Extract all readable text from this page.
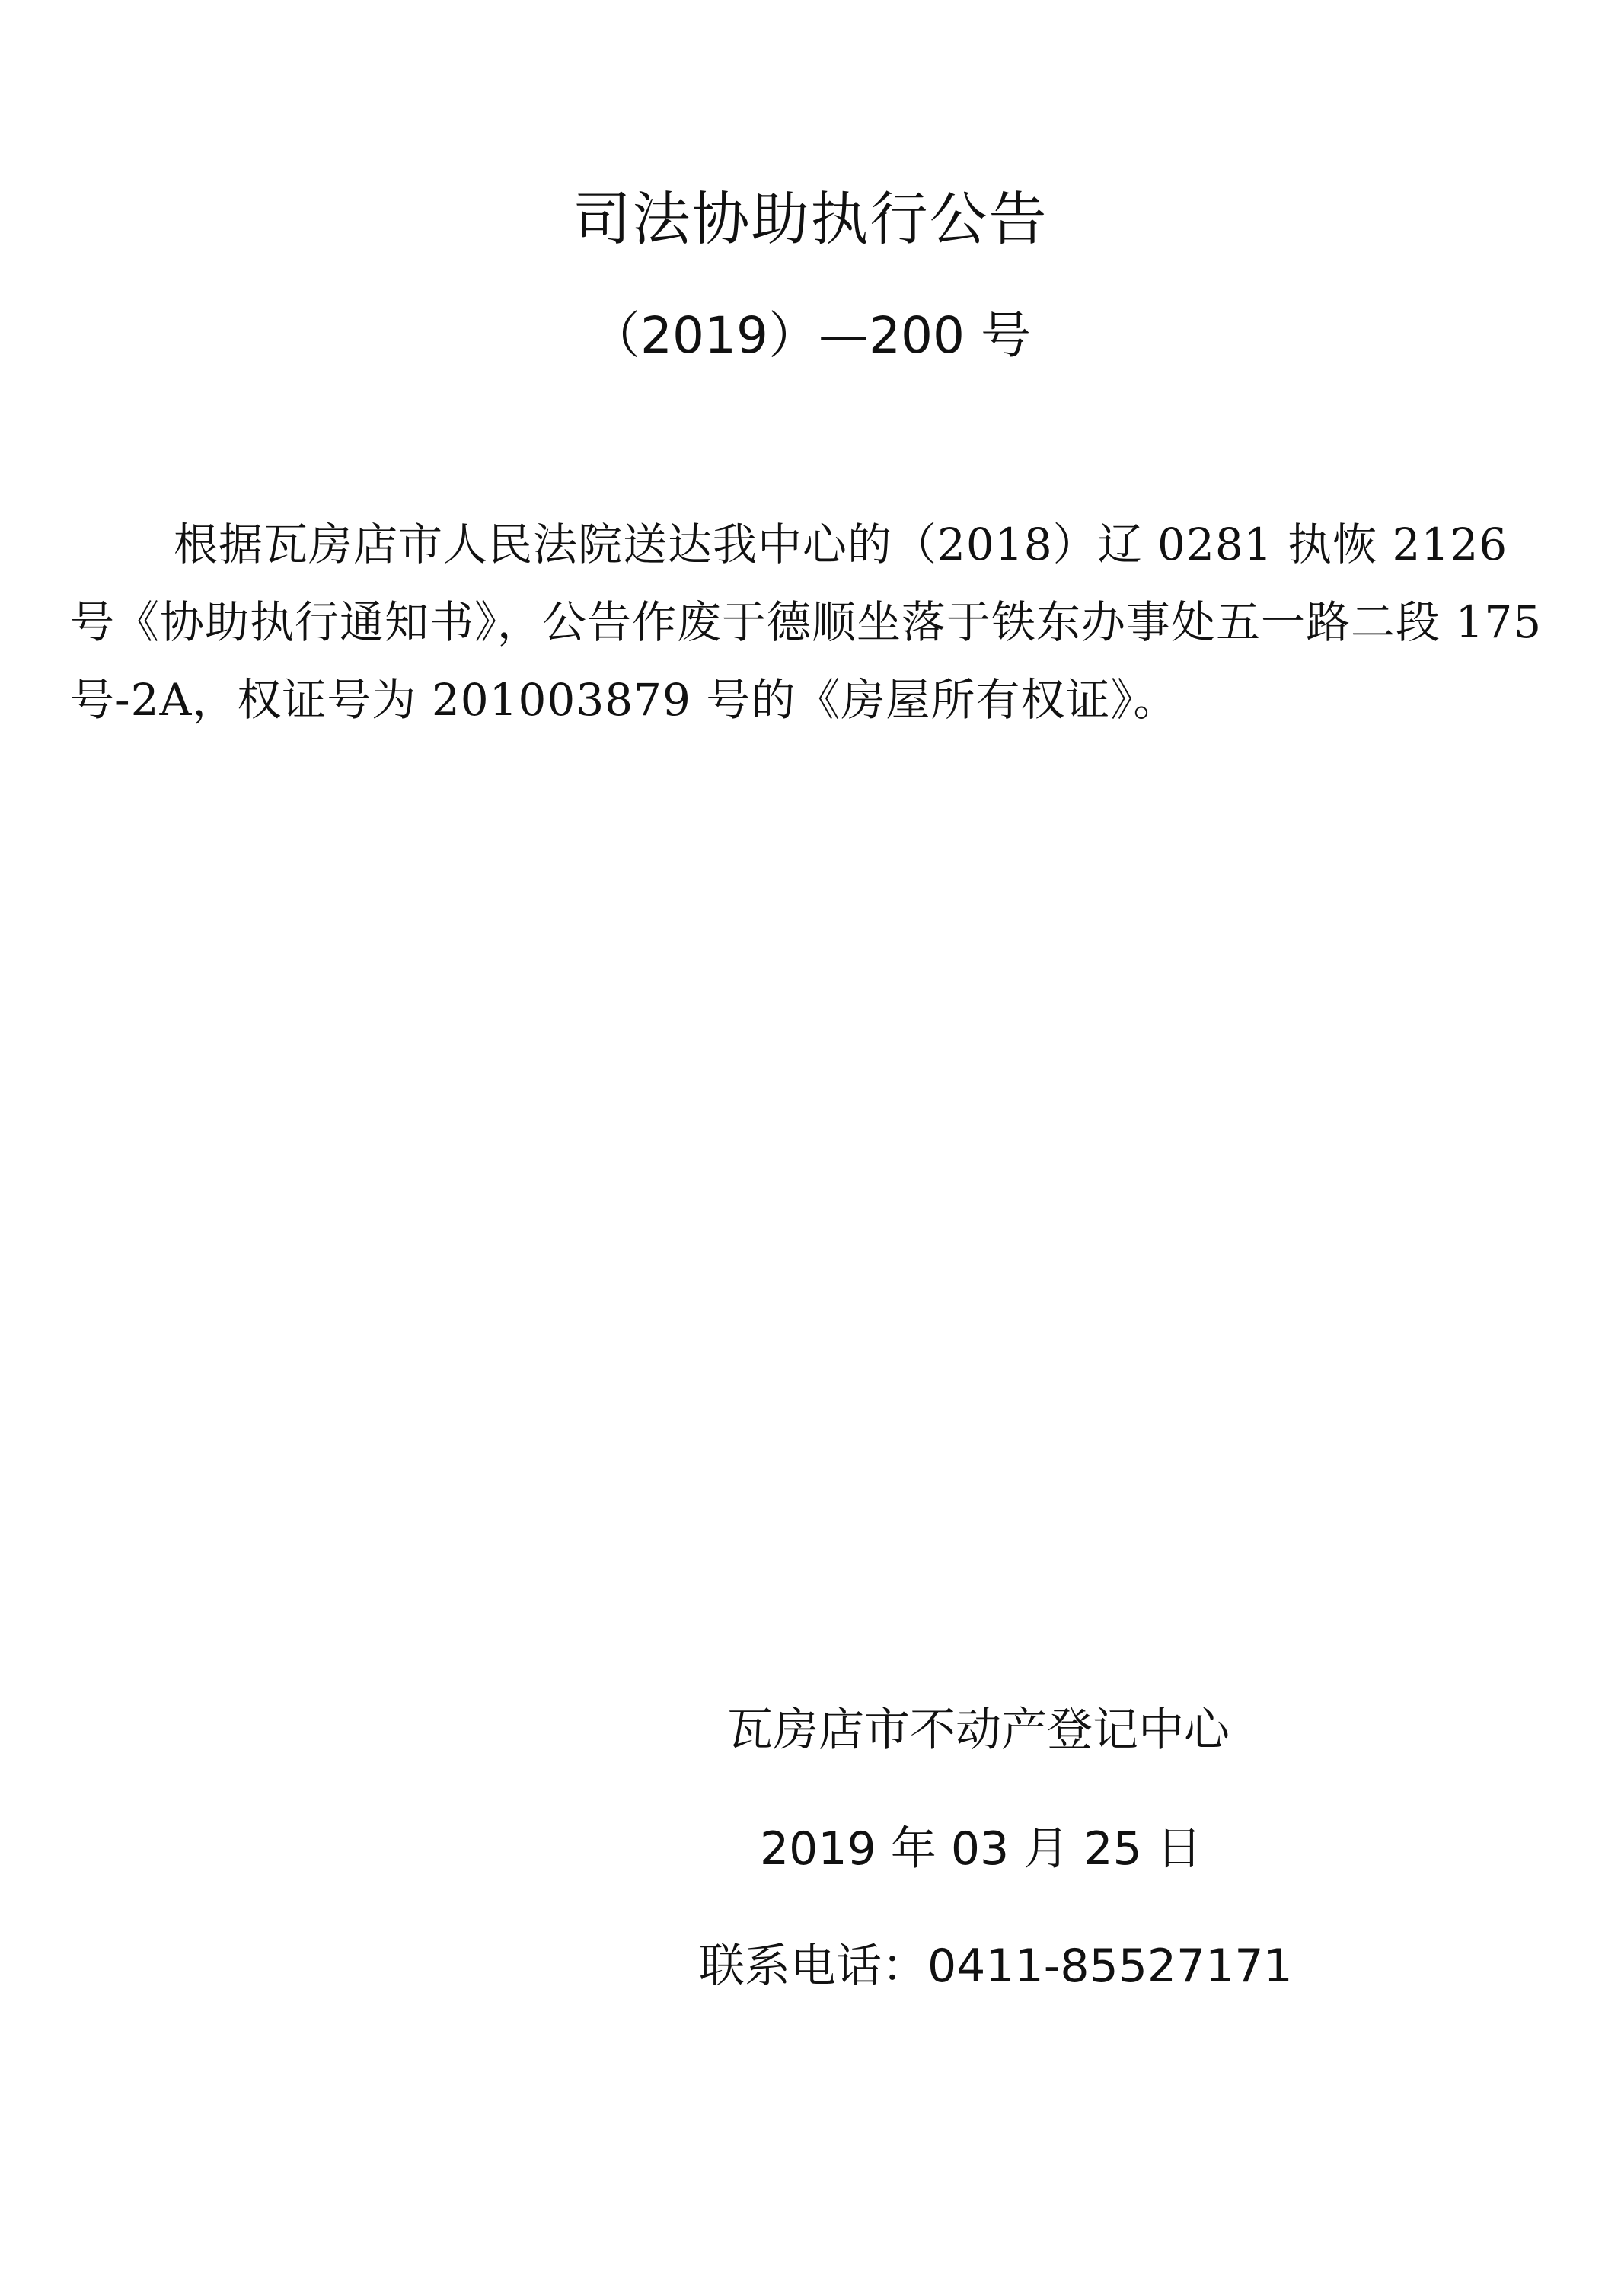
司法协助执行公告
（2019）—200 号
根据瓦房店市人民法院送达我中心的（2018）辽 0281 执恢 2126 号《协助执行通知书》，公告作废于德顺坐落于铁东办事处五一路二段 175 号-2A，权证号为 201003879 号的《房屋所有权证》。
瓦房店市不动产登记中心
2019 年 03 月 25 日
联系电话：0411-85527171
